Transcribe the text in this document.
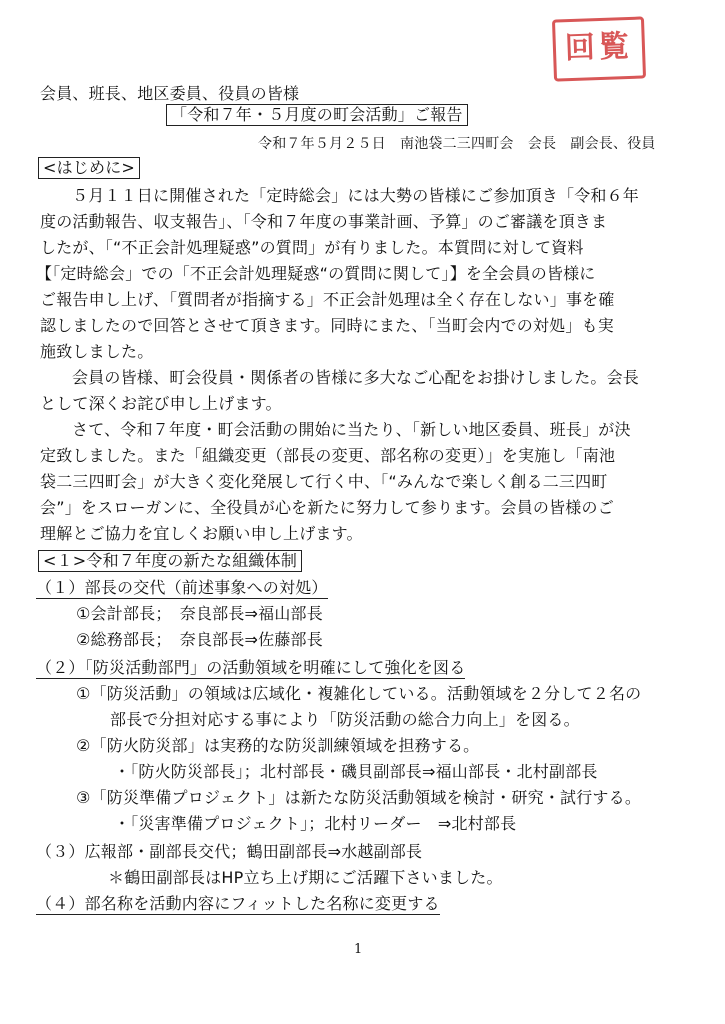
回覧
会員、班長、地区委員、役員の皆様
「令和７年・５月度の町会活動」ご報告
令和７年５月２５日　南池袋二三四町会　会長　副会長、役員
<はじめに>
５月１１日に開催された「定時総会」には大勢の皆様にご参加頂き「令和６年
度の活動報告、収支報告」、「令和７年度の事業計画、予算」のご審議を頂きま
したが、「“不正会計処理疑惑”の質問」が有りました。本質問に対して資料
【「定時総会」での「不正会計処理疑惑“の質問に関して」】を全会員の皆様に
ご報告申し上げ、「質問者が指摘する」不正会計処理は全く存在しない」事を確
認しましたので回答とさせて頂きます。同時にまた、「当町会内での対処」も実
施致しました。
会員の皆様、町会役員・関係者の皆様に多大なご心配をお掛けしました。会長
として深くお詫び申し上げます。
さて、令和７年度・町会活動の開始に当たり、「新しい地区委員、班長」が決
定致しました。また「組織変更（部長の変更、部名称の変更）」を実施し「南池
袋二三四町会」が大きく変化発展して行く中、「“みんなで楽しく創る二三四町
会”」をスローガンに、全役員が心を新たに努力して参ります。会員の皆様のご
理解とご協力を宜しくお願い申し上げます。
<１>令和７年度の新たな組織体制
（１）部長の交代（前述事象への対処）
①会計部長；　奈良部長⇒福山部長
②総務部長；　奈良部長⇒佐藤部長
（２）「防災活動部門」の活動領域を明確にして強化を図る
①「防災活動」の領域は広域化・複雑化している。活動領域を２分して２名の
部長で分担対応する事により「防災活動の総合力向上」を図る。
②「防火防災部」は実務的な防災訓練領域を担務する。
・「防火防災部長」；北村部長・磯貝副部長⇒福山部長・北村副部長
③「防災準備プロジェクト」は新たな防災活動領域を検討・研究・試行する。
・「災害準備プロジェクト」；北村リーダー　⇒北村部長
（３）広報部・副部長交代；鶴田副部長⇒水越副部長
＊鶴田副部長はHP立ち上げ期にご活躍下さいました。
（４）部名称を活動内容にフィットした名称に変更する
1
